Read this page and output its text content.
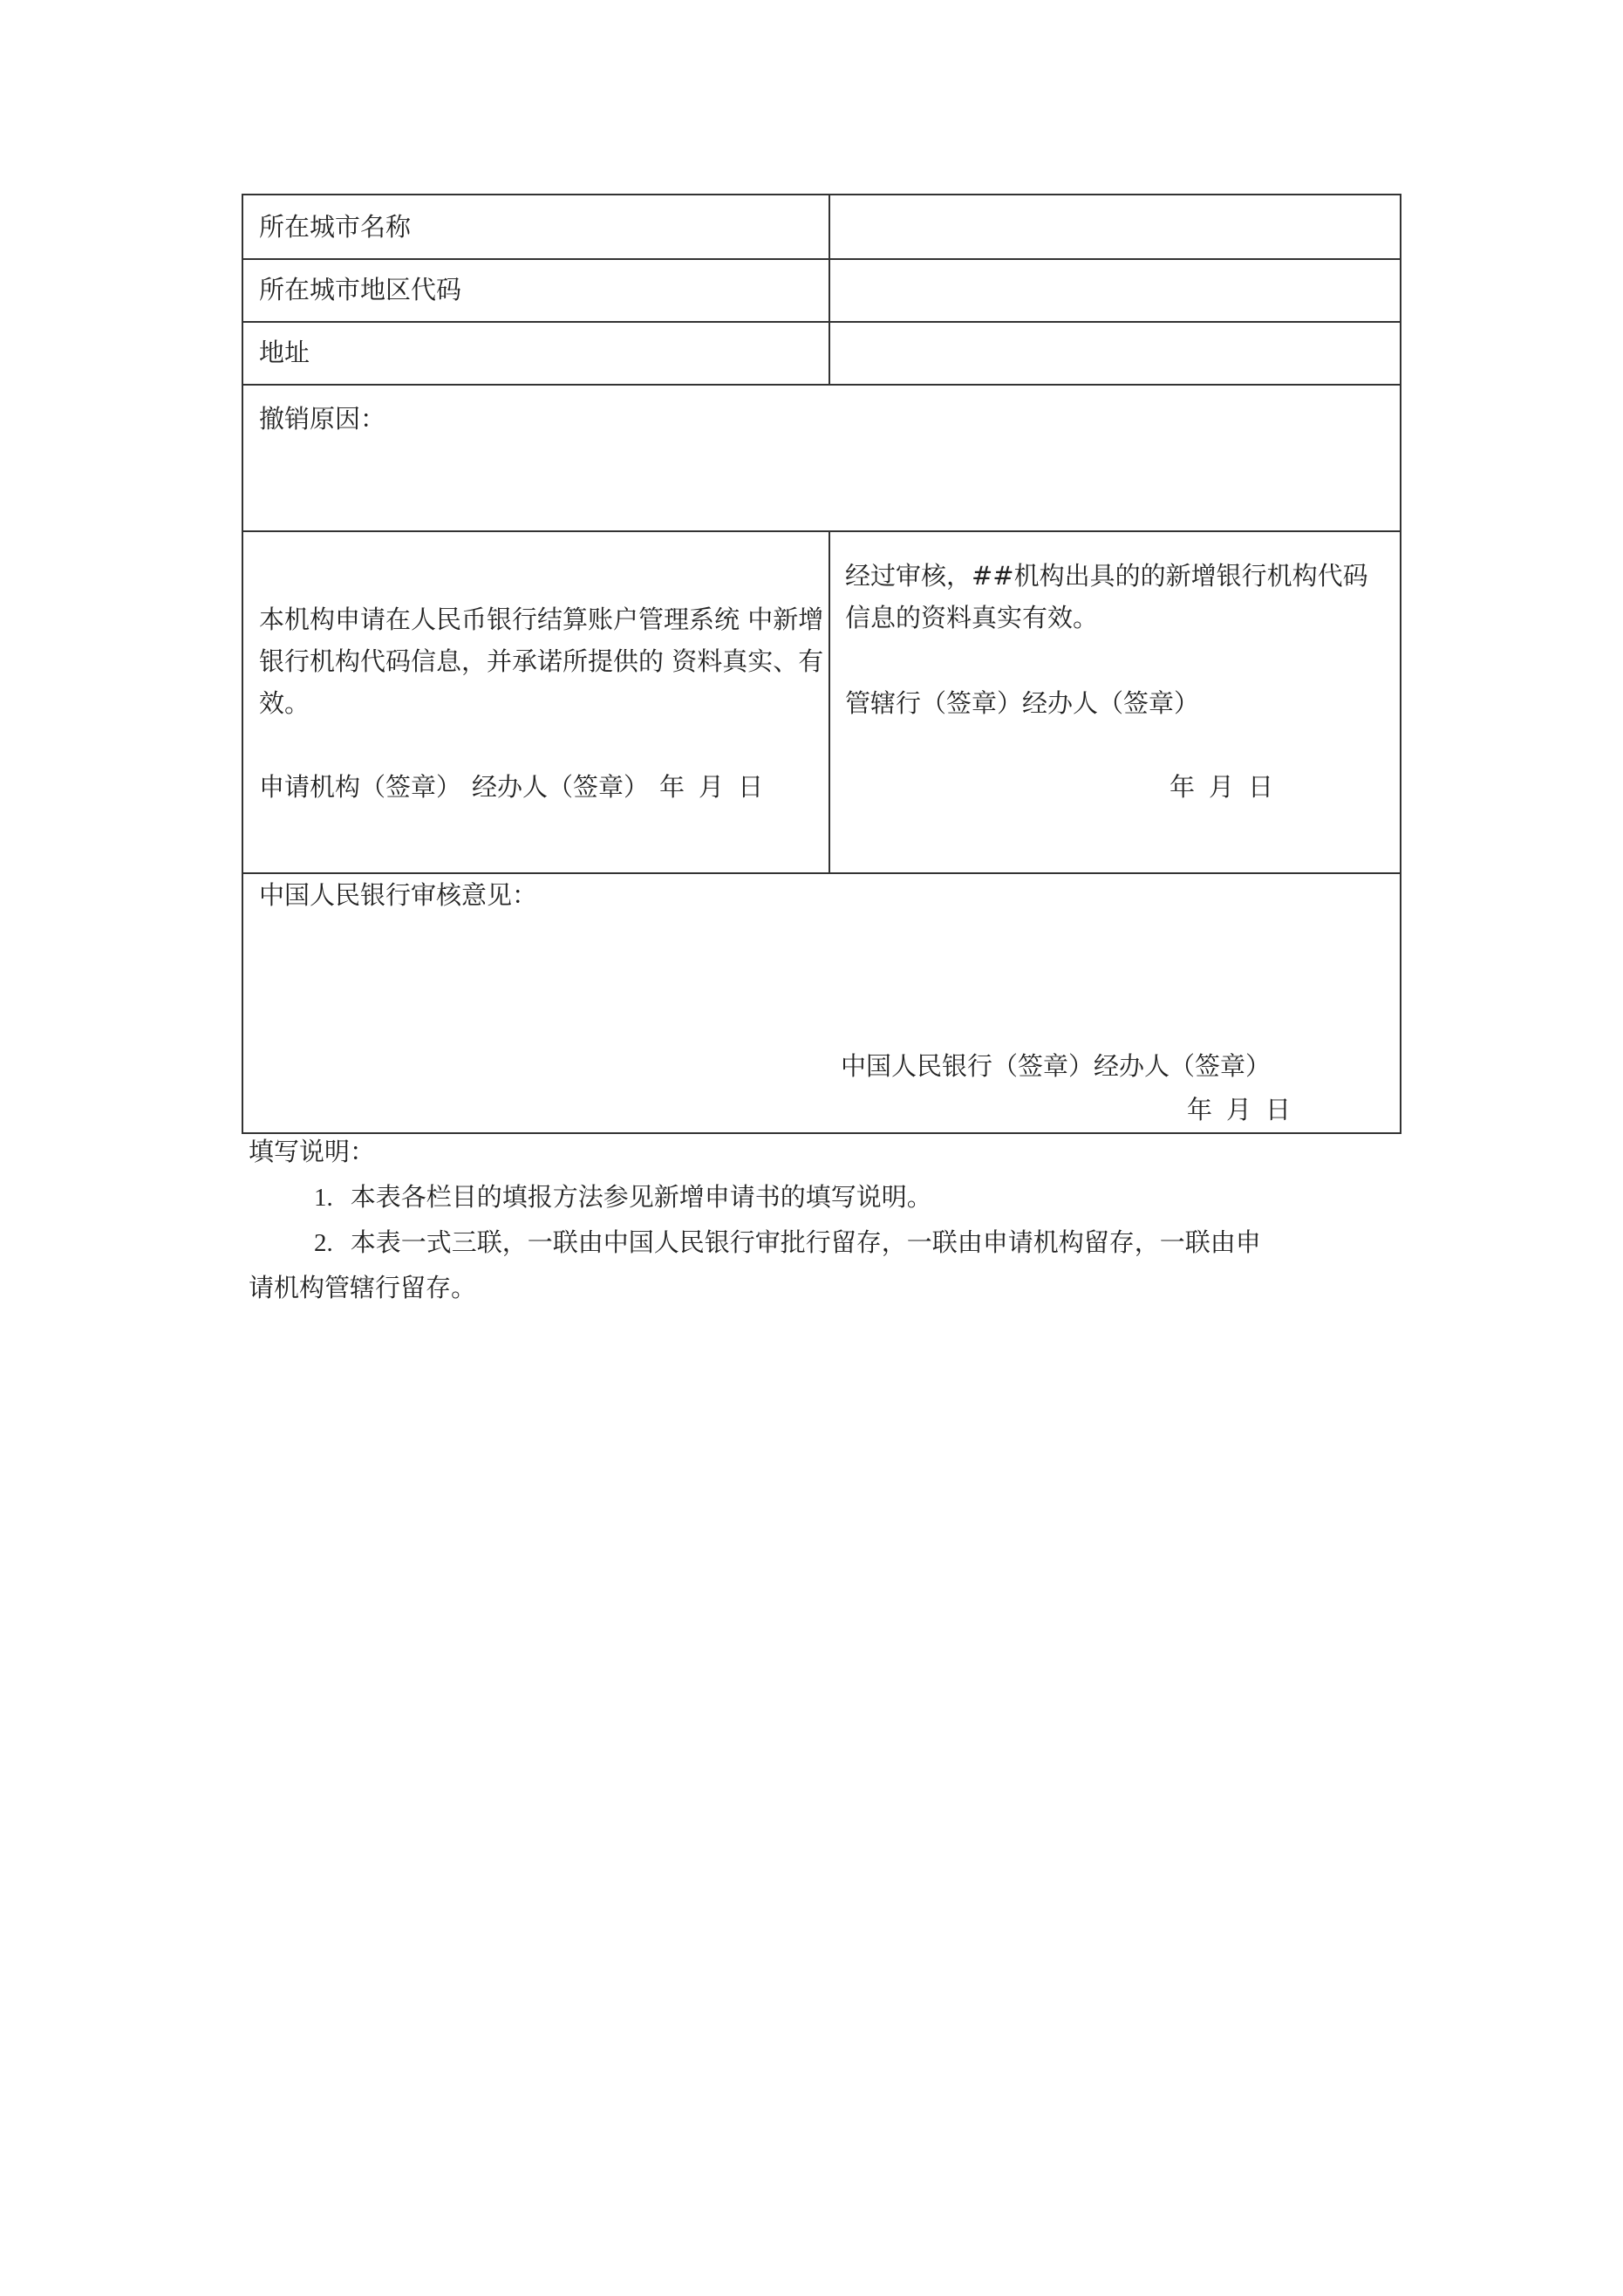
所在城市名称
所在城市地区代码
地址
撤销原因：
本机构申请在人民币银行结算账户管理系统 中新增银行机构代码信息，并承诺所提供的 资料真实、有效。
申请机构（签章） 经办人（签章） 年 月 日
经过审核，##机构出具的的新增银行机构代码信息的资料真实有效。
管辖行（签章）经办人（签章）
年 月 日
中国人民银行审核意见：
中国人民银行（签章）经办人（签章）
年 月 日
填写说明：
1. 本表各栏目的填报方法参见新增申请书的填写说明。
2. 本表一式三联，一联由中国人民银行审批行留存，一联由申请机构留存，一联由申
请机构管辖行留存。
